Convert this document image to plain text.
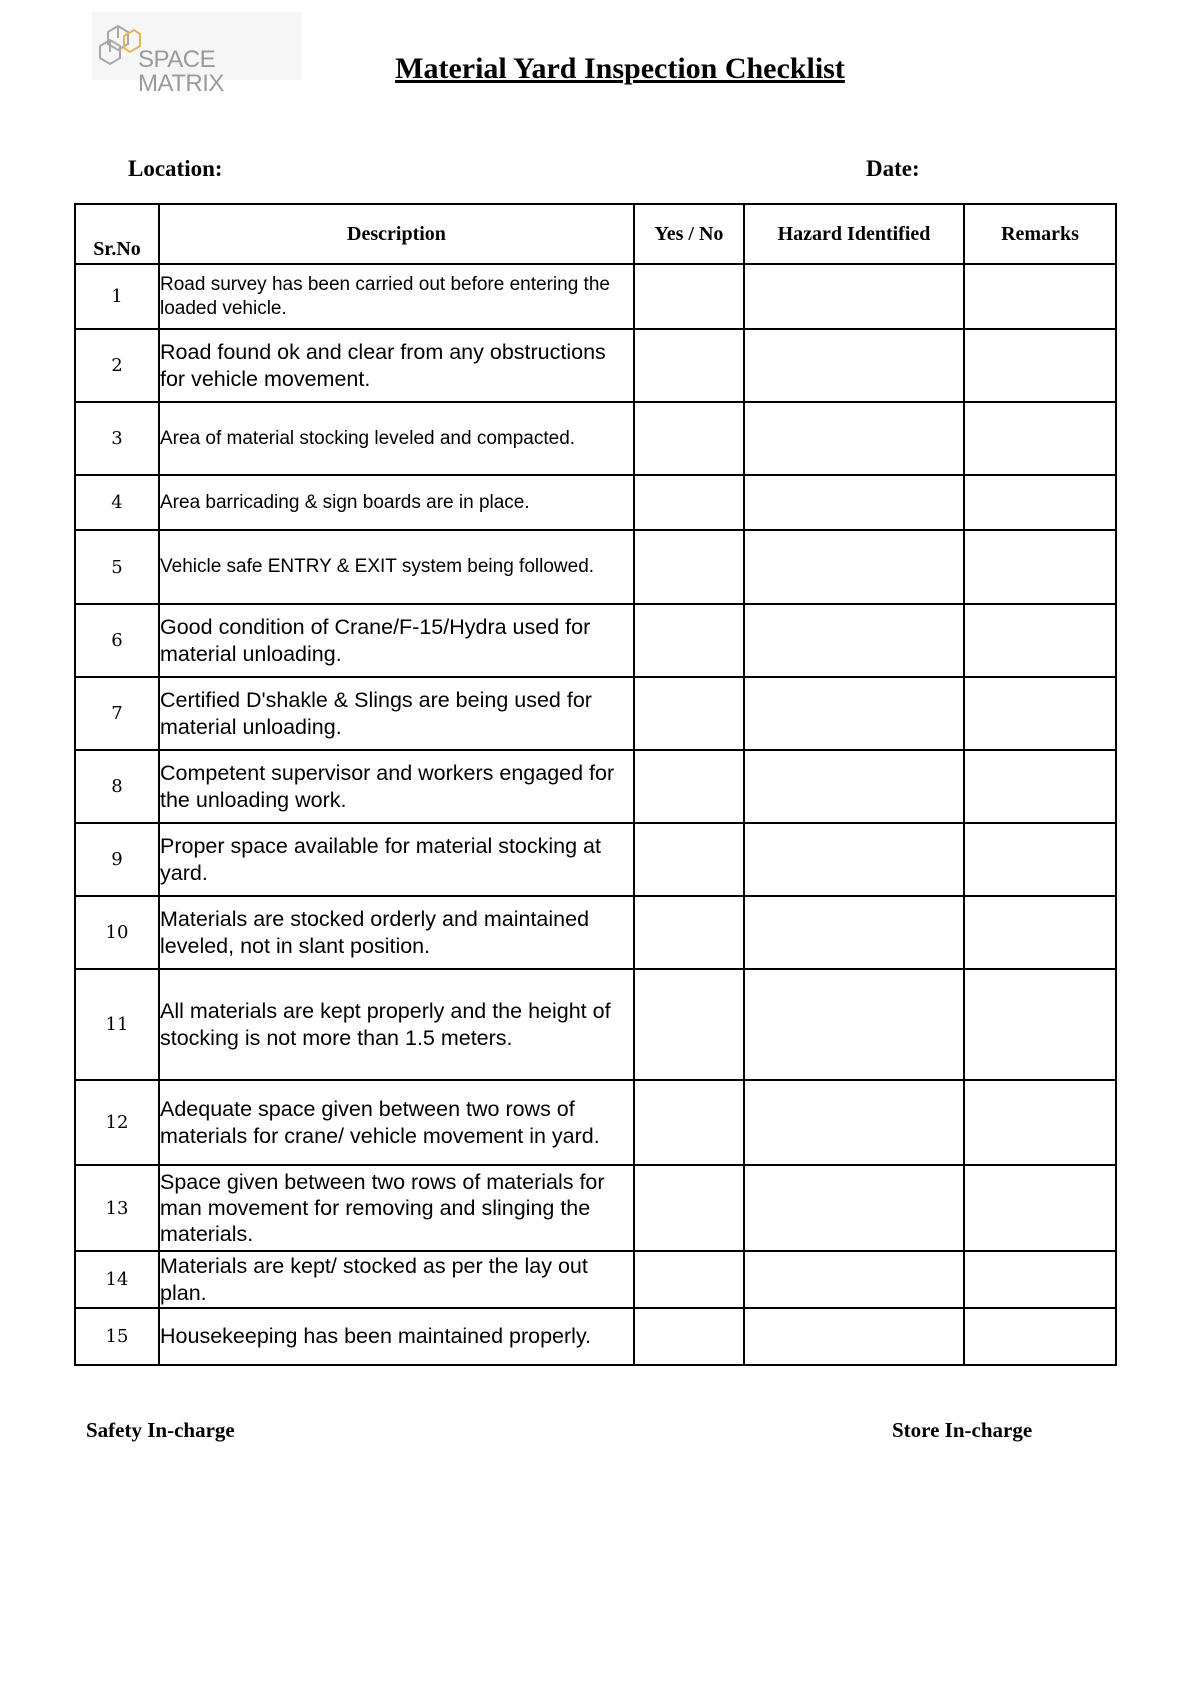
SPACE MATRIX	Material Yard Inspection Checklist
Location:	Date:
Sr.No	Description	Yes / No	Hazard Identified	Remarks
1	Road survey has been carried out before entering the loaded vehicle.			
2	Road found ok and clear from any obstructions for vehicle movement.			
3	Area of material stocking leveled and compacted.			
4	Area barricading & sign boards are in place.			
5	Vehicle safe ENTRY & EXIT system being followed.			
6	Good condition of Crane/F-15/Hydra used for material unloading.			
7	Certified D'shakle & Slings are being used for material unloading.			
8	Competent supervisor and workers engaged for the unloading work.			
9	Proper space available for material stocking at yard.			
10	Materials are stocked orderly and maintained leveled, not in slant position.			
11	All materials are kept properly and the height of stocking is not more than 1.5 meters.			
12	Adequate space given between two rows of materials for crane/ vehicle movement in yard.			
13	Space given between two rows of materials for man movement for removing and slinging the materials.			
14	Materials are kept/ stocked as per the lay out plan.			
15	Housekeeping has been maintained properly.			
Safety In-charge	Store In-charge
